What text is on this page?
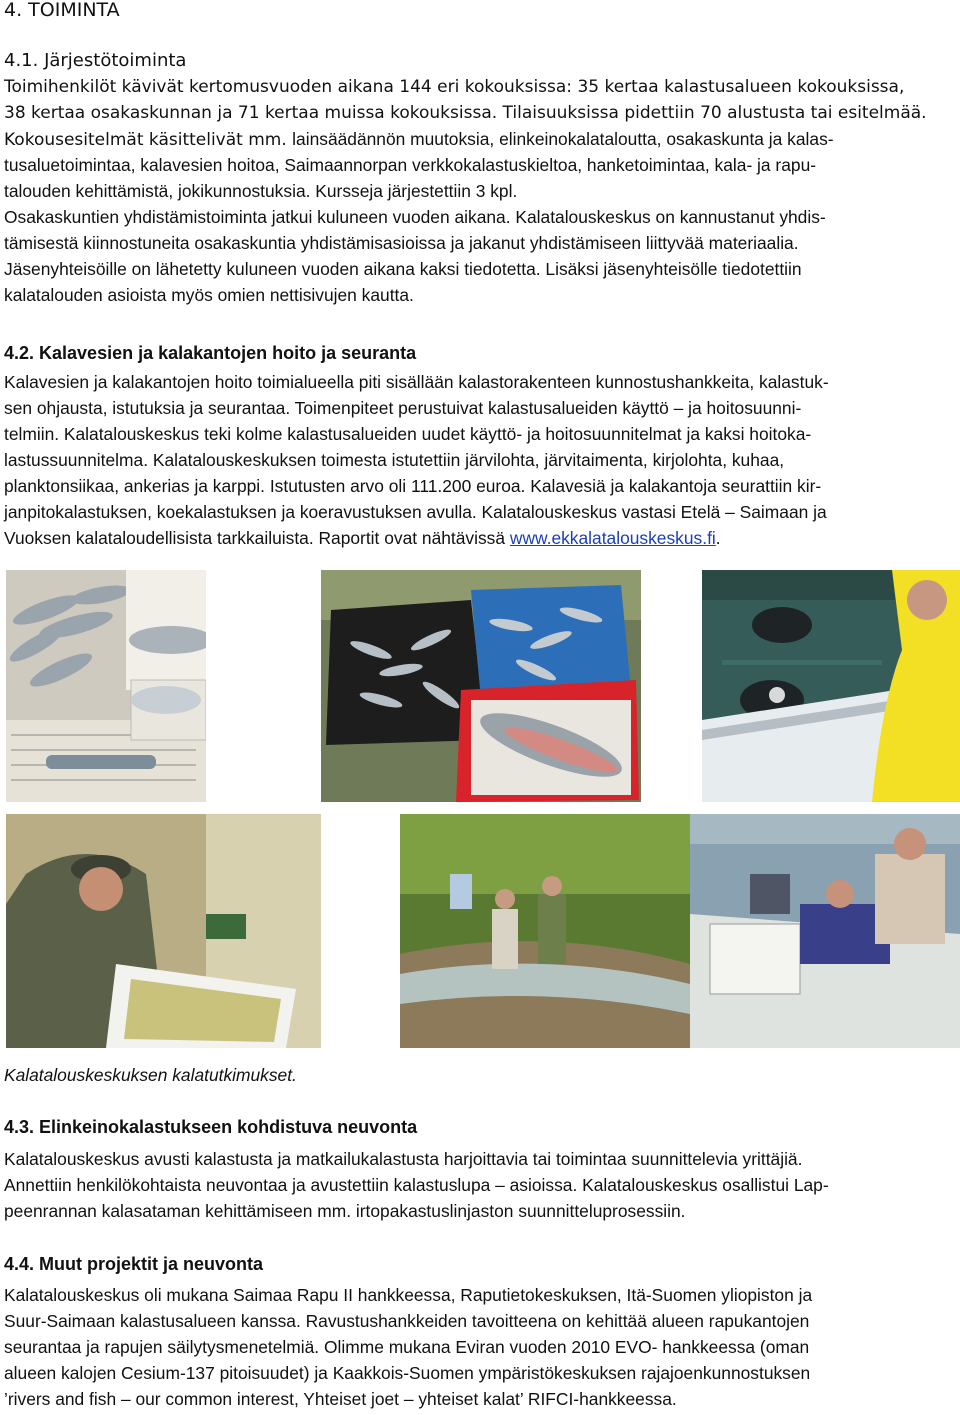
4. TOIMINTA
4.1. Järjestötoiminta

Toimihenkilöt kävivät kertomusvuoden aikana 144 eri kokouksissa: 35 kertaa kalastusalueen kokouksissa,

38 kertaa osakaskunnan ja 71 kertaa muissa kokouksissa. Tilaisuuksissa pidettiin 70 alustusta tai esitelmää.

Kokousesitelmät käsittelivät mm. lainsäädännön muutoksia, elinkeinokalataloutta, osakaskunta ja kalas-

tusaluetoimintaa, kalavesien hoitoa, Saimaannorpan verkkokalastuskieltoa, hanketoimintaa, kala- ja rapu-

talouden kehittämistä, jokikunnostuksia. Kursseja järjestettiin 3 kpl.

Osakaskuntien yhdistämistoiminta jatkui kuluneen vuoden aikana. Kalatalouskeskus on kannustanut yhdis-

tämisestä kiinnostuneita osakaskuntia yhdistämisasioissa ja jakanut yhdistämiseen liittyvää materiaalia.

Jäsenyhteisöille on lähetetty kuluneen vuoden aikana kaksi tiedotetta. Lisäksi jäsenyhteisölle tiedotettiin

kalatalouden asioista myös omien nettisivujen kautta.

4.2. Kalavesien ja kalakantojen hoito ja seuranta

Kalavesien ja kalakantojen hoito toimialueella piti sisällään kalastorakenteen kunnostushankkeita, kalastuk-

sen ohjausta, istutuksia ja seurantaa. Toimenpiteet perustuivat kalastusalueiden käyttö – ja hoitosuunni-

telmiin. Kalatalouskeskus teki kolme kalastusalueiden uudet käyttö- ja hoitosuunnitelmat ja kaksi hoitoka-

lastussuunnitelma. Kalatalouskeskuksen toimesta istutettiin järvilohta, järvitaimenta, kirjolohta, kuhaa,

planktonsiikaa, ankerias ja karppi. Istutusten arvo oli 111.200 euroa. Kalavesiä ja kalakantoja seurattiin kir-

janpitokalastuksen, koekalastuksen ja koeravustuksen avulla. Kalatalouskeskus vastasi Etelä – Saimaan ja

Vuoksen kalataloudellisista tarkkailuista. Raportit ovat nähtävissä www.ekkalatalouskeskus.fi.

Kalatalouskeskuksen kalatutkimukset.
4.3. Elinkeinokalastukseen kohdistuva neuvonta

Kalatalouskeskus avusti kalastusta ja matkailukalastusta harjoittavia tai toimintaa suunnittelevia yrittäjiä.

Annettiin henkilökohtaista neuvontaa ja avustettiin kalastuslupa – asioissa. Kalatalouskeskus osallistui Lap-

peenrannan kalasataman kehittämiseen mm. irtopakastuslinjaston suunnitteluprosessiin.

4.4. Muut projektit ja neuvonta

Kalatalouskeskus oli mukana Saimaa Rapu II hankkeessa, Raputietokeskuksen, Itä-Suomen yliopiston ja

Suur-Saimaan kalastusalueen kanssa. Ravustushankkeiden tavoitteena on kehittää alueen rapukantojen

seurantaa ja rapujen säilytysmenetelmiä. Olimme mukana Eviran vuoden 2010 EVO- hankkeessa (oman

alueen kalojen Cesium-137 pitoisuudet) ja Kaakkois-Suomen ympäristökeskuksen rajajoenkunnostuksen

’rivers and fish – our common interest, Yhteiset joet – yhteiset kalat’ RIFCI-hankkeessa.
